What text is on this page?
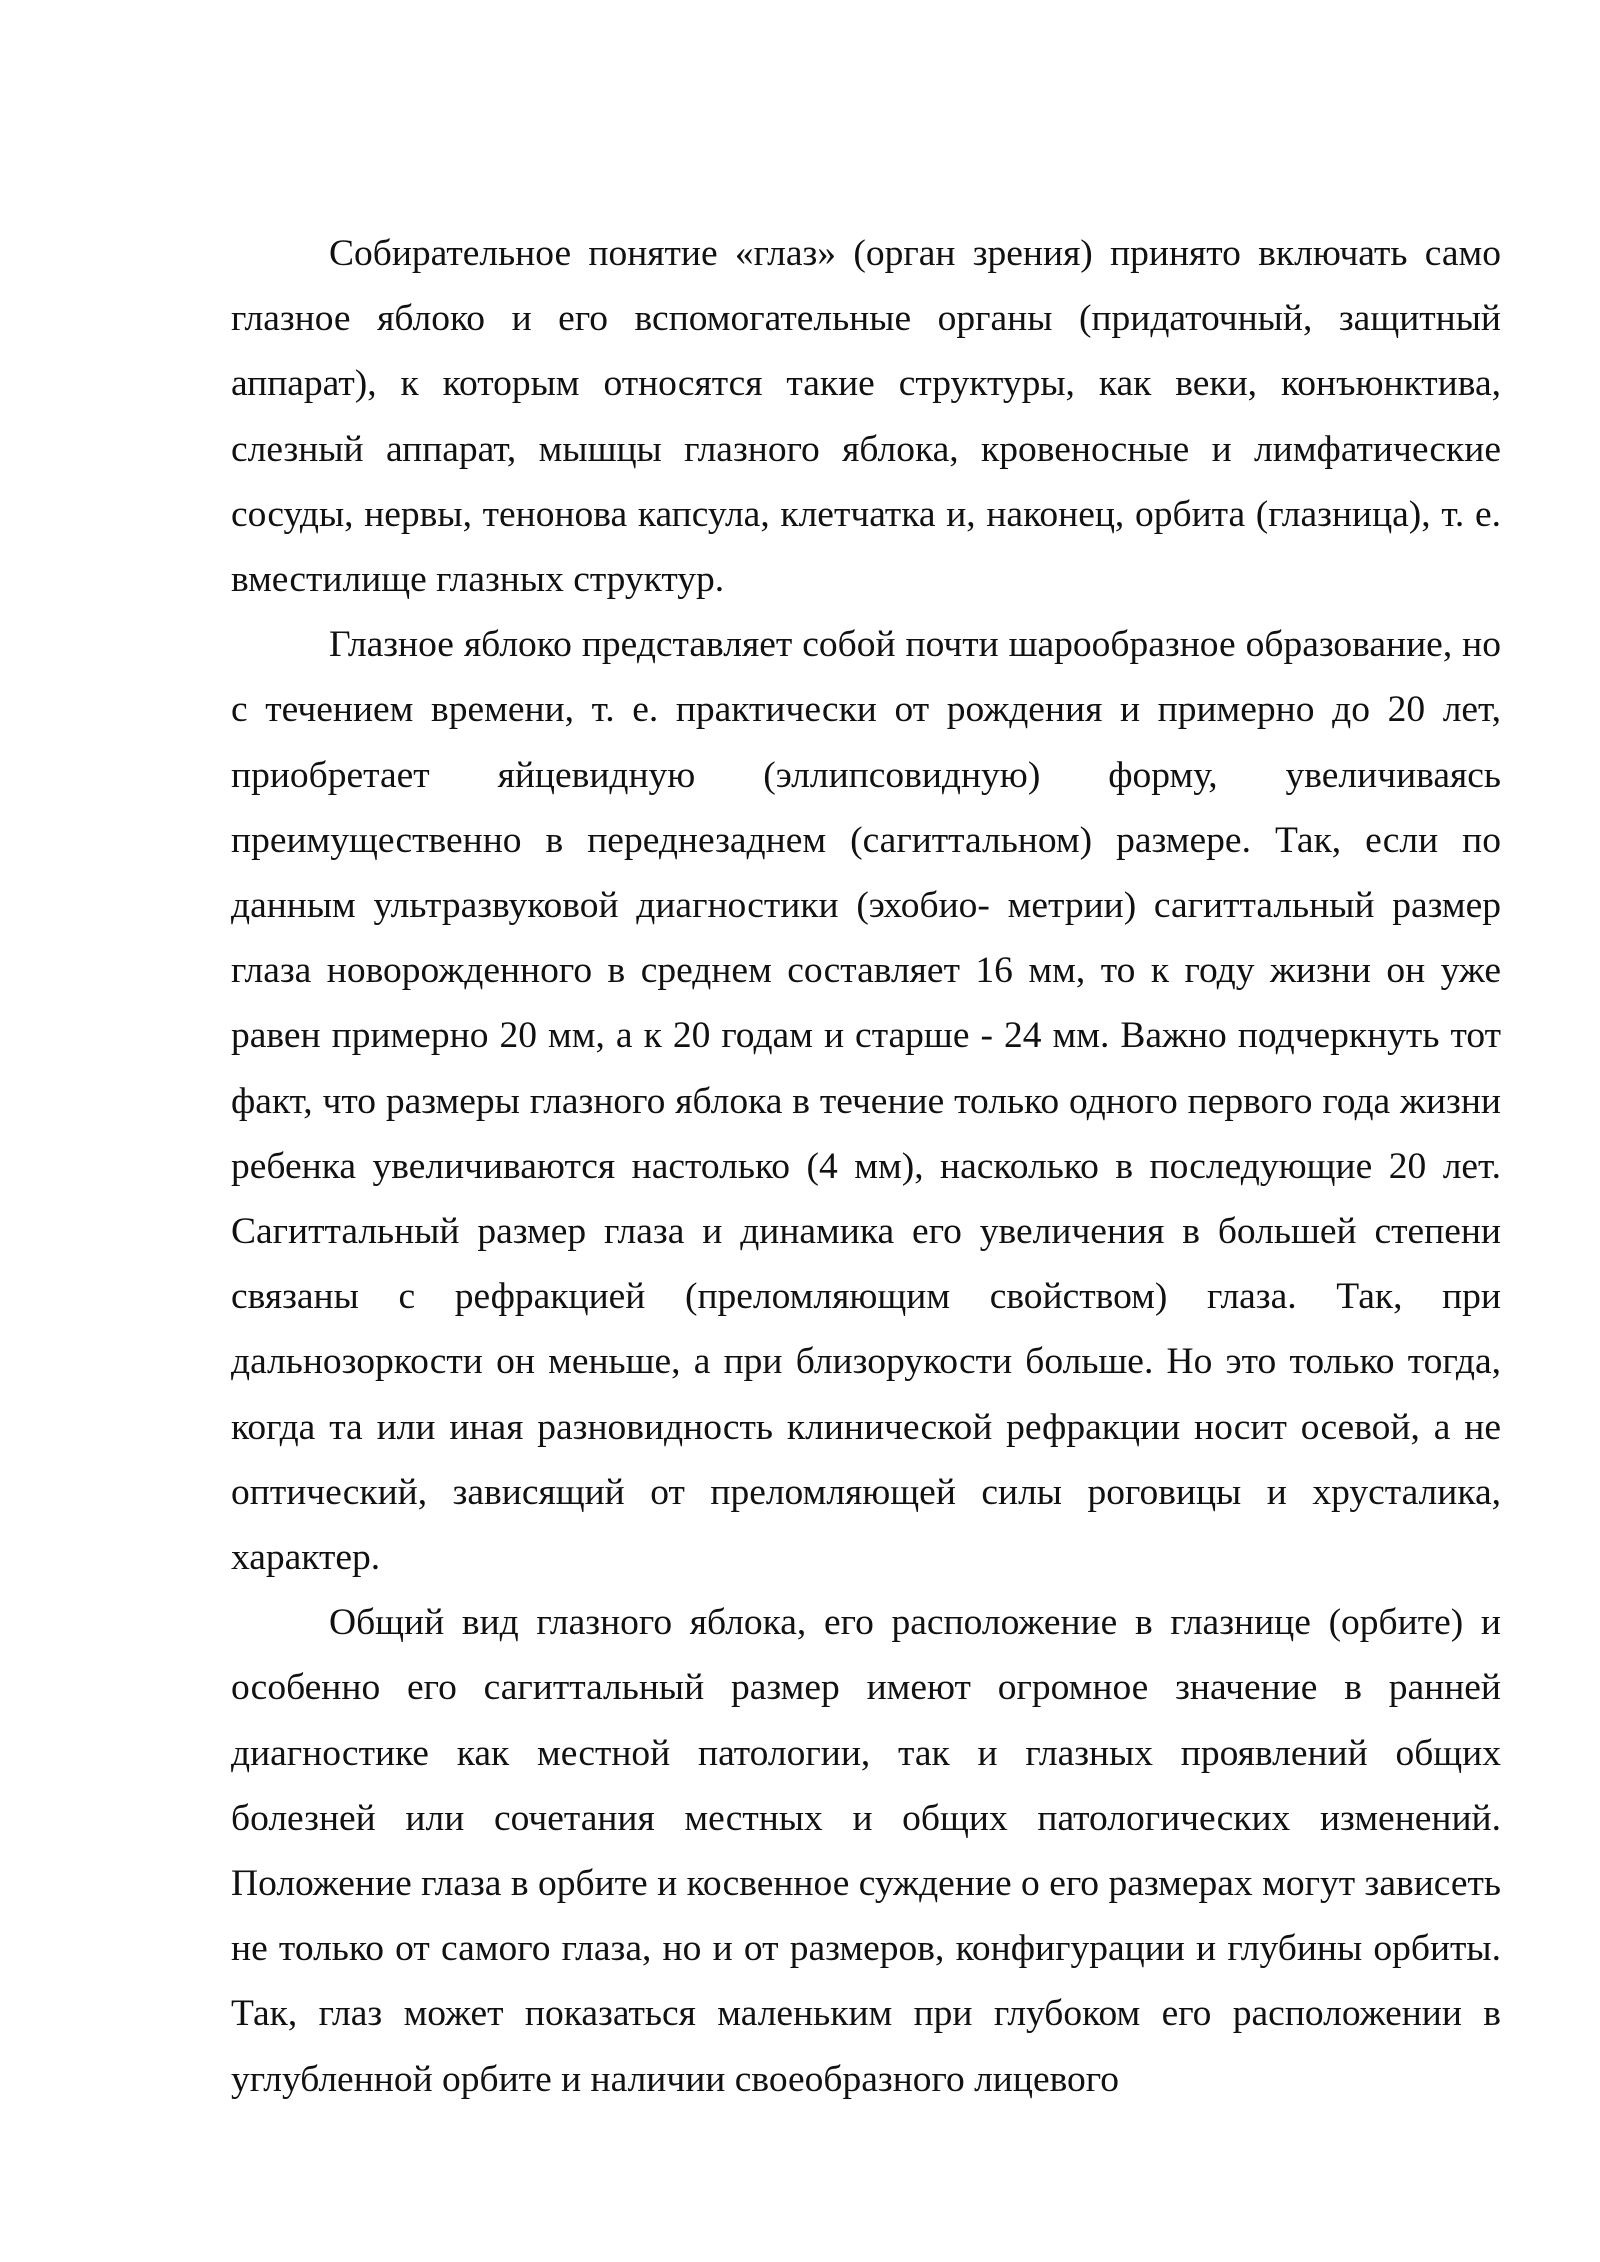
Собирательное понятие «глаз» (орган зрения) принято включать само глазное яблоко и его вспомогательные органы (придаточный, защитный аппарат), к которым относятся такие структуры, как веки, конъюнктива, слезный аппарат, мышцы глазного яблока, кровеносные и лимфатические сосуды, нервы, тенонова капсула, клетчатка и, наконец, орбита (глазница), т. е. вместилище глазных структур.

Глазное яблоко представляет собой почти шарообразное образование, но с течением времени, т. е. практически от рождения и примерно до 20 лет, приобретает яйцевидную (эллипсовидную) форму, увеличиваясь преимущественно в переднезаднем (сагиттальном) размере. Так, если по данным ультразвуковой диагностики (эхобио- метрии) сагиттальный размер глаза новорожденного в среднем составляет 16 мм, то к году жизни он уже равен примерно 20 мм, а к 20 годам и старше - 24 мм. Важно подчеркнуть тот факт, что размеры глазного яблока в течение только одного первого года жизни ребенка увеличиваются настолько (4 мм), насколько в последующие 20 лет. Сагиттальный размер глаза и динамика его увеличения в большей степени связаны с рефракцией (преломляющим свойством) глаза. Так, при дальнозоркости он меньше, а при близорукости больше. Но это только тогда, когда та или иная разновидность клинической рефракции носит осевой, а не оптический, зависящий от преломляющей силы роговицы и хрусталика, характер.

Общий вид глазного яблока, его расположение в глазнице (орбите) и особенно его сагиттальный размер имеют огромное значение в ранней диагностике как местной патологии, так и глазных проявлений общих болезней или сочетания местных и общих патологических изменений. Положение глаза в орбите и косвенное суждение о его размерах могут зависеть не только от самого глаза, но и от размеров, конфигурации и глубины орбиты. Так, глаз может показаться маленьким при глубоком его расположении в углубленной орбите и наличии своеобразного лицевого
